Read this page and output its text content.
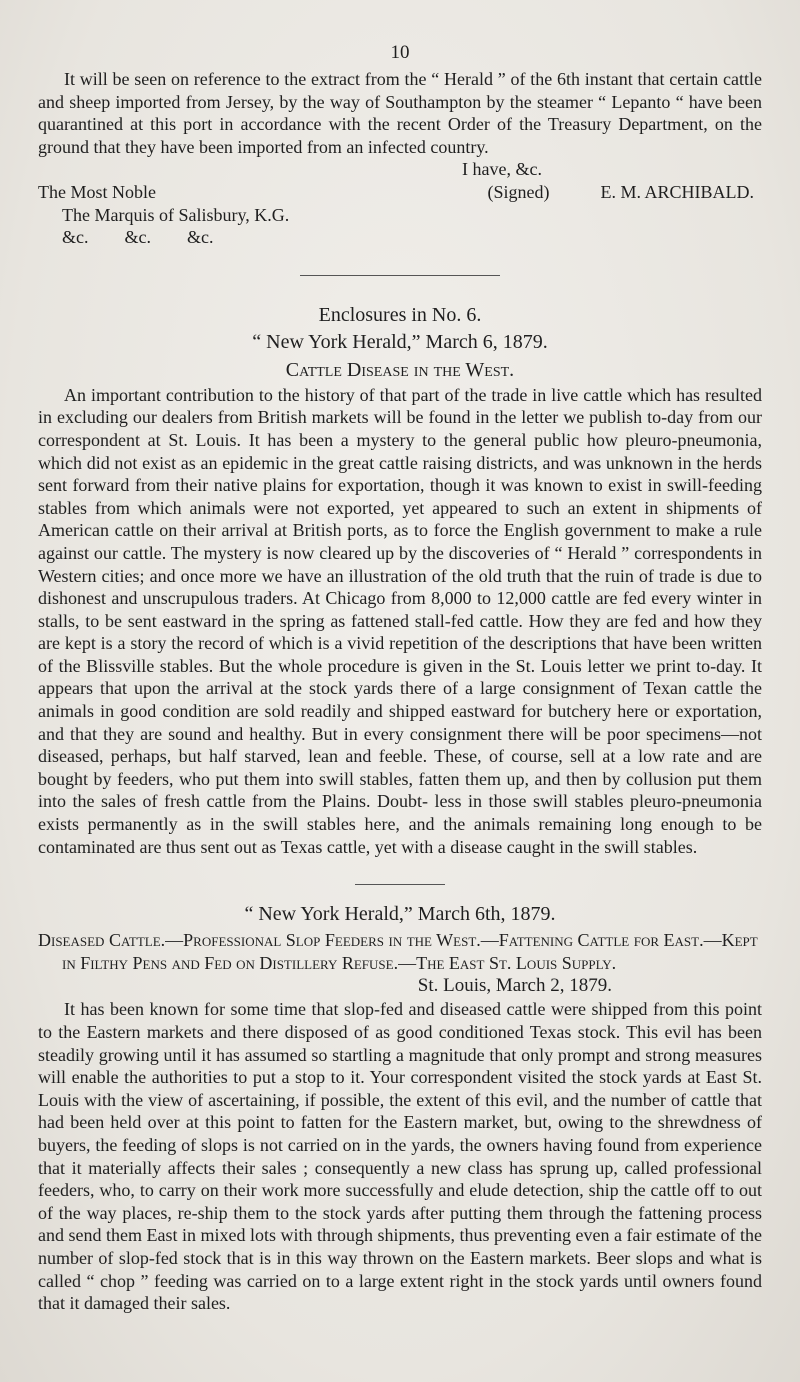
10

It will be seen on reference to the extract from the “ Herald ” of the 6th instant that certain cattle and sheep imported from Jersey, by the way of Southampton by the steamer “ Lepanto “ have been quarantined at this port in accordance with the recent Order of the Treasury Department, on the ground that they have been imported from an infected country.

I have, &c.
The Most Noble	(Signed)	E. M. ARCHIBALD.
The Marquis of Salisbury, K.G.
&c.        &c.        &c.
Enclosures in No. 6.
“ New York Herald,” March 6, 1879.
Cattle Disease in the West.

An important contribution to the history of that part of the trade in live cattle which has resulted in excluding our dealers from British markets will be found in the letter we publish to-day from our correspondent at St. Louis. It has been a mystery to the general public how pleuro-pneumonia, which did not exist as an epidemic in the great cattle raising districts, and was unknown in the herds sent forward from their native plains for exportation, though it was known to exist in swill-feeding stables from which animals were not exported, yet appeared to such an extent in shipments of American cattle on their arrival at British ports, as to force the English government to make a rule against our cattle. The mystery is now cleared up by the discoveries of “ Herald ” correspondents in Western cities; and once more we have an illustration of the old truth that the ruin of trade is due to dishonest and unscrupulous traders. At Chicago from 8,000 to 12,000 cattle are fed every winter in stalls, to be sent eastward in the spring as fattened stall-fed cattle. How they are fed and how they are kept is a story the record of which is a vivid repetition of the descriptions that have been written of the Blissville stables. But the whole procedure is given in the St. Louis letter we print to-day. It appears that upon the arrival at the stock yards there of a large consignment of Texan cattle the animals in good condition are sold readily and shipped eastward for butchery here or exportation, and that they are sound and healthy. But in every consignment there will be poor specimens—not diseased, perhaps, but half starved, lean and feeble. These, of course, sell at a low rate and are bought by feeders, who put them into swill stables, fatten them up, and then by collusion put them into the sales of fresh cattle from the Plains. Doubt- less in those swill stables pleuro-pneumonia exists permanently as in the swill stables here, and the animals remaining long enough to be contaminated are thus sent out as Texas cattle, yet with a disease caught in the swill stables.

“ New York Herald,” March 6th, 1879.

Diseased Cattle.—Professional Slop Feeders in the West.—Fattening Cattle for East.—Kept in Filthy Pens and Fed on Distillery Refuse.—The East St. Louis Supply.

St. Louis, March 2, 1879.

It has been known for some time that slop-fed and diseased cattle were shipped from this point to the Eastern markets and there disposed of as good conditioned Texas stock. This evil has been steadily growing until it has assumed so startling a magnitude that only prompt and strong measures will enable the authorities to put a stop to it. Your correspondent visited the stock yards at East St. Louis with the view of ascertaining, if possible, the extent of this evil, and the number of cattle that had been held over at this point to fatten for the Eastern market, but, owing to the shrewdness of buyers, the feeding of slops is not carried on in the yards, the owners having found from experience that it materially affects their sales ; consequently a new class has sprung up, called professional feeders, who, to carry on their work more successfully and elude detection, ship the cattle off to out of the way places, re-ship them to the stock yards after putting them through the fattening process and send them East in mixed lots with through shipments, thus preventing even a fair estimate of the number of slop-fed stock that is in this way thrown on the Eastern markets. Beer slops and what is called “ chop ” feeding was carried on to a large extent right in the stock yards until owners found that it damaged their sales.
